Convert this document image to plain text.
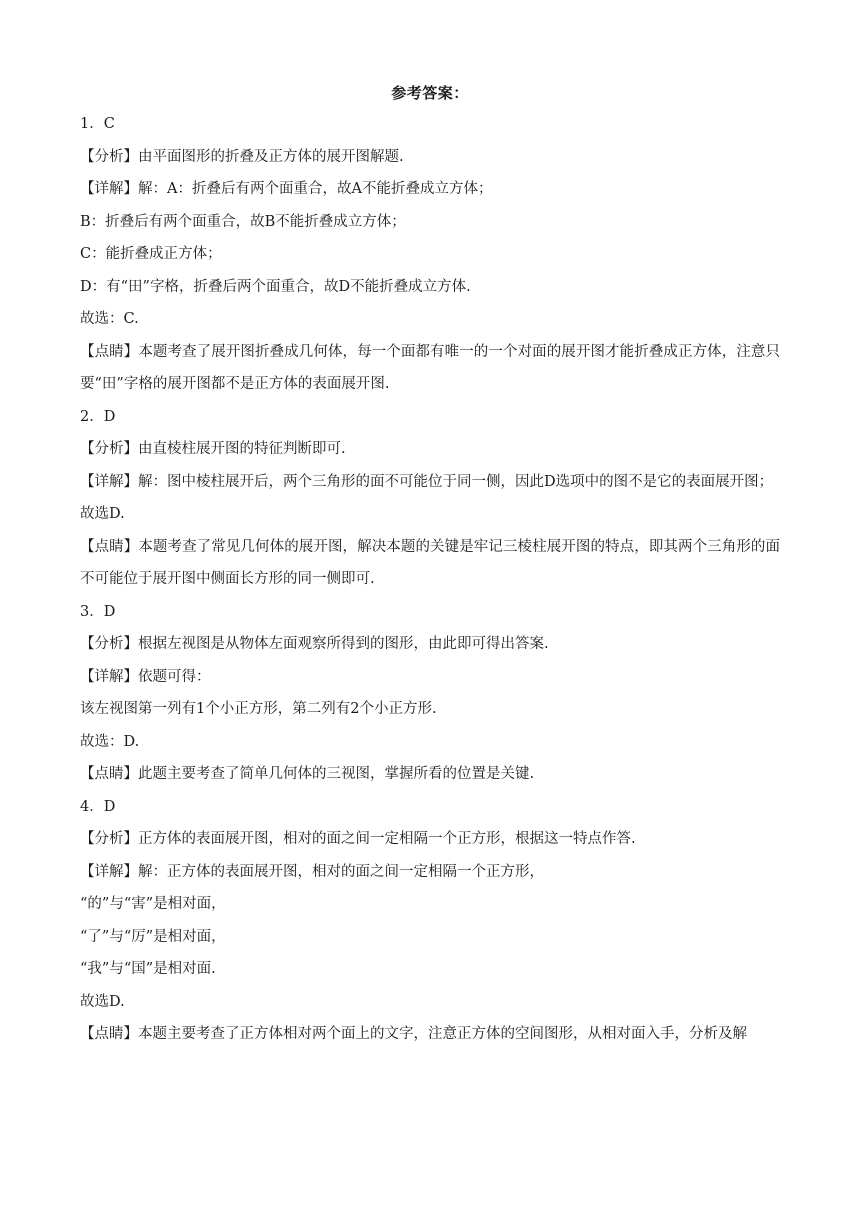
参考答案：
1．C
【分析】由平面图形的折叠及正方体的展开图解题.
【详解】解：A：折叠后有两个面重合，故A不能折叠成立方体；
B：折叠后有两个面重合，故B不能折叠成立方体；
C：能折叠成正方体；
D：有“田”字格，折叠后两个面重合，故D不能折叠成立方体.
故选：C.
【点睛】本题考查了展开图折叠成几何体，每一个面都有唯一的一个对面的展开图才能折叠成正方体，注意只要“田”字格的展开图都不是正方体的表面展开图.
2．D
【分析】由直棱柱展开图的特征判断即可.
【详解】解：图中棱柱展开后，两个三角形的面不可能位于同一侧，因此D选项中的图不是它的表面展开图；
故选D.
【点睛】本题考查了常见几何体的展开图，解决本题的关键是牢记三棱柱展开图的特点，即其两个三角形的面不可能位于展开图中侧面长方形的同一侧即可.
3．D
【分析】根据左视图是从物体左面观察所得到的图形，由此即可得出答案.
【详解】依题可得：
该左视图第一列有1个小正方形，第二列有2个小正方形.
故选：D.
【点睛】此题主要考查了简单几何体的三视图，掌握所看的位置是关键.
4．D
【分析】正方体的表面展开图，相对的面之间一定相隔一个正方形，根据这一特点作答.
【详解】解：正方体的表面展开图，相对的面之间一定相隔一个正方形，
“的”与“害”是相对面，
“了”与“厉”是相对面，
“我”与“国”是相对面.
故选D.
【点睛】本题主要考查了正方体相对两个面上的文字，注意正方体的空间图形，从相对面入手，分析及解
